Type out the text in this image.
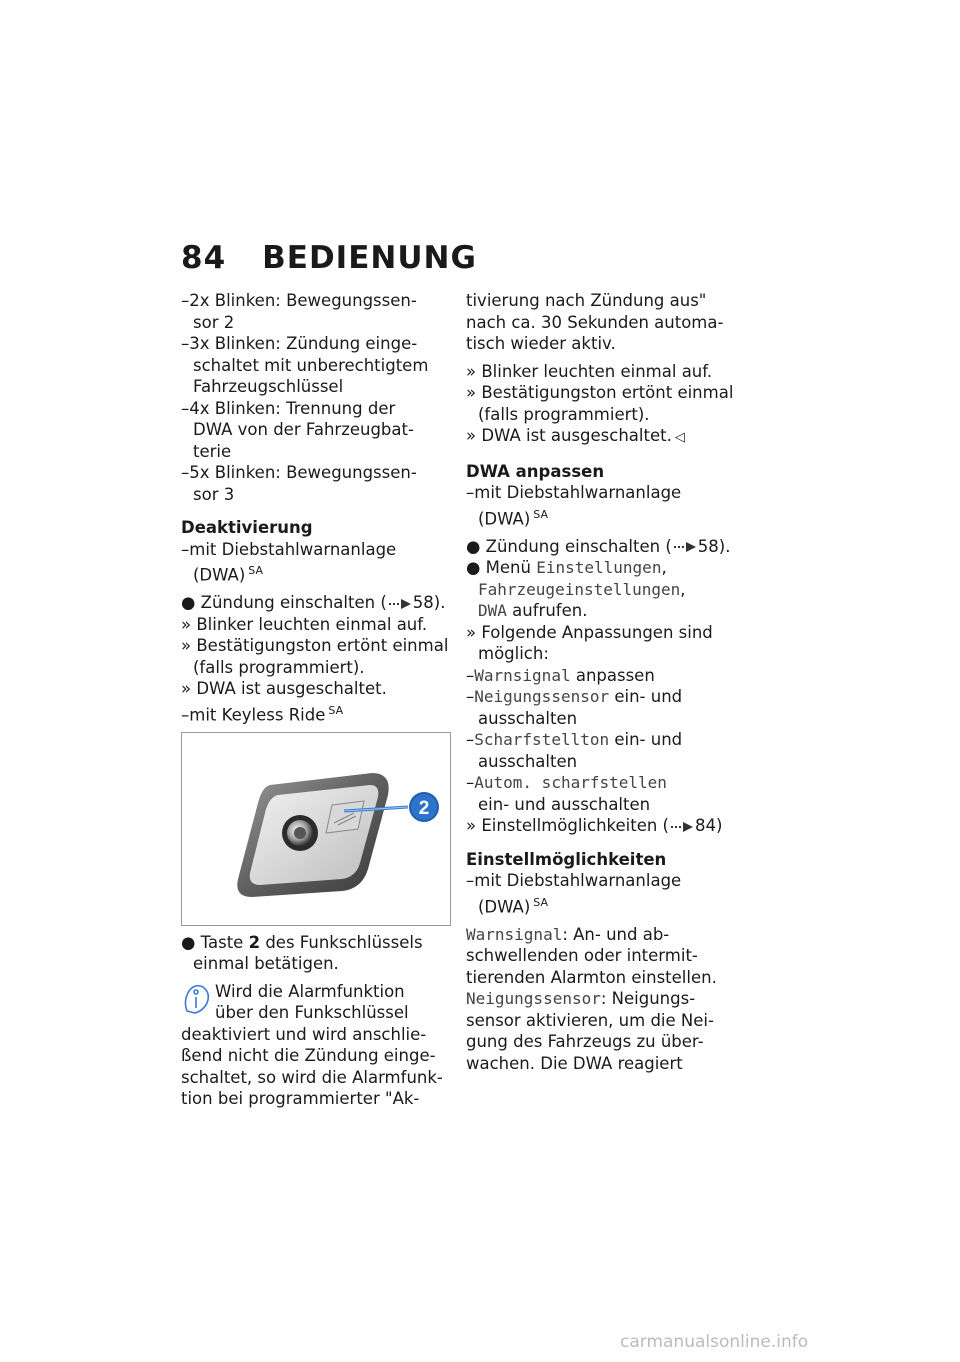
84 BEDIENUNG
–2x Blinken: Bewegungssen-
sor 2
–3x Blinken: Zündung einge-
schaltet mit unberechtigtem
Fahrzeugschlüssel
–4x Blinken: Trennung der
DWA von der Fahrzeugbat-
terie
–5x Blinken: Bewegungssen-
sor 3
Deaktivierung
–mit Diebstahlwarnanlage
(DWA) $^{SA}$
● Zündung einschalten ( 58).
» Blinker leuchten einmal auf.
» Bestätigungston ertönt einmal
(falls programmiert).
» DWA ist ausgeschaltet.
–mit Keyless Ride $^{SA}$
2
● Taste 2 des Funkschlüssels
einmal betätigen.
Wird die Alarmfunktion
über den Funkschlüssel
deaktiviert und wird anschlie-
ßend nicht die Zündung einge-
schaltet, so wird die Alarmfunk-
tion bei programmierter "Ak-
tivierung nach Zündung aus"
nach ca. 30 Sekunden automa-
tisch wieder aktiv.
» Blinker leuchten einmal auf.
» Bestätigungston ertönt einmal
(falls programmiert).
» DWA ist ausgeschaltet. ◁
DWA anpassen
–mit Diebstahlwarnanlage
(DWA) $^{SA}$
● Zündung einschalten ( 58).
● Menü Einstellungen,
Fahrzeugeinstellungen,
DWA aufrufen.
» Folgende Anpassungen sind
möglich:
–Warnsignal anpassen
–Neigungssensor ein- und
ausschalten
–Scharfstellton ein- und
ausschalten
–Autom. scharfstellen
ein- und ausschalten
» Einstellmöglichkeiten ( 84)
Einstellmöglichkeiten
–mit Diebstahlwarnanlage
(DWA) $^{SA}$
Warnsignal: An- und ab-
schwellenden oder intermit-
tierenden Alarmton einstellen.
Neigungssensor: Neigungs-
sensor aktivieren, um die Nei-
gung des Fahrzeugs zu über-
wachen. Die DWA reagiert
carmanualsonline.info
